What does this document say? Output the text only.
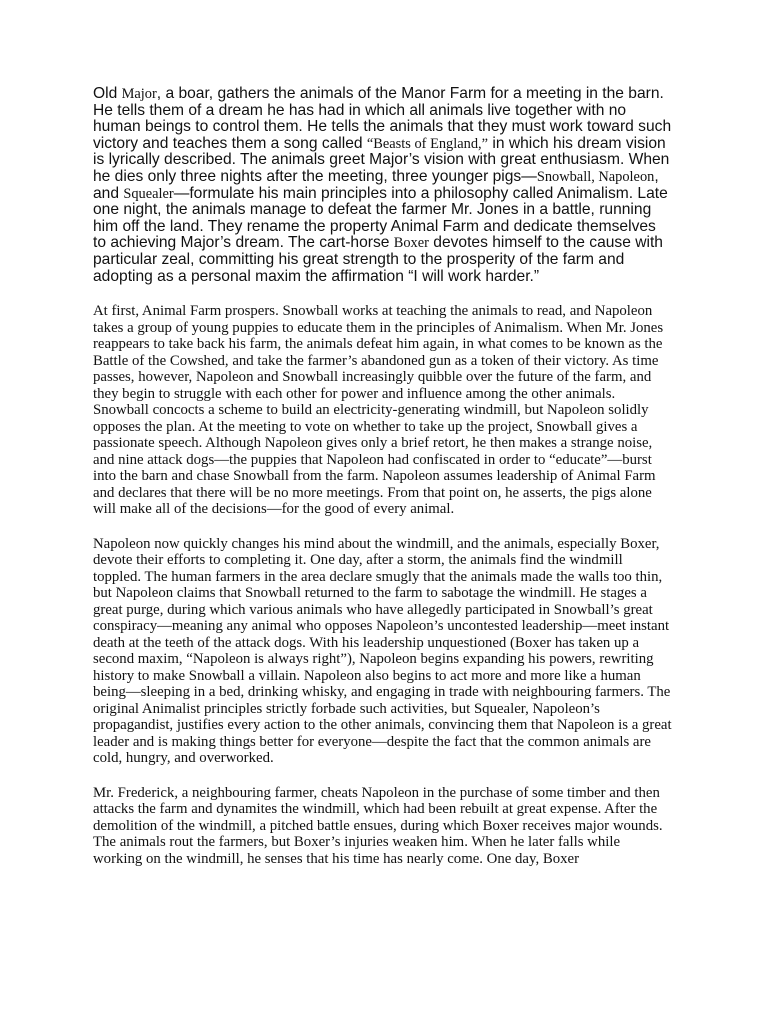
Old Major, a boar, gathers the animals of the Manor Farm for a meeting in the barn. He tells them of a dream he has had in which all animals live together with no human beings to control them. He tells the animals that they must work toward such victory and teaches them a song called “Beasts of England,” in which his dream vision is lyrically described. The animals greet Major’s vision with great enthusiasm. When he dies only three nights after the meeting, three younger pigs—Snowball, Napoleon, and Squealer—formulate his main principles into a philosophy called Animalism. Late one night, the animals manage to defeat the farmer Mr. Jones in a battle, running him off the land. They rename the property Animal Farm and dedicate themselves to achieving Major’s dream. The cart-horse Boxer devotes himself to the cause with particular zeal, committing his great strength to the prosperity of the farm and adopting as a personal maxim the affirmation “I will work harder.”

At first, Animal Farm prospers. Snowball works at teaching the animals to read, and Napoleon takes a group of young puppies to educate them in the principles of Animalism. When Mr. Jones reappears to take back his farm, the animals defeat him again, in what comes to be known as the Battle of the Cowshed, and take the farmer’s abandoned gun as a token of their victory. As time passes, however, Napoleon and Snowball increasingly quibble over the future of the farm, and they begin to struggle with each other for power and influence among the other animals. Snowball concocts a scheme to build an electricity-generating windmill, but Napoleon solidly opposes the plan. At the meeting to vote on whether to take up the project, Snowball gives a passionate speech. Although Napoleon gives only a brief retort, he then makes a strange noise, and nine attack dogs—the puppies that Napoleon had confiscated in order to “educate”—burst into the barn and chase Snowball from the farm. Napoleon assumes leadership of Animal Farm and declares that there will be no more meetings. From that point on, he asserts, the pigs alone will make all of the decisions—for the good of every animal.

Napoleon now quickly changes his mind about the windmill, and the animals, especially Boxer, devote their efforts to completing it. One day, after a storm, the animals find the windmill toppled. The human farmers in the area declare smugly that the animals made the walls too thin, but Napoleon claims that Snowball returned to the farm to sabotage the windmill. He stages a great purge, during which various animals who have allegedly participated in Snowball’s great conspiracy—meaning any animal who opposes Napoleon’s uncontested leadership—meet instant death at the teeth of the attack dogs. With his leadership unquestioned (Boxer has taken up a second maxim, “Napoleon is always right”), Napoleon begins expanding his powers, rewriting history to make Snowball a villain. Napoleon also begins to act more and more like a human being—sleeping in a bed, drinking whisky, and engaging in trade with neighbouring farmers. The original Animalist principles strictly forbade such activities, but Squealer, Napoleon’s propagandist, justifies every action to the other animals, convincing them that Napoleon is a great leader and is making things better for everyone—despite the fact that the common animals are cold, hungry, and overworked.

Mr. Frederick, a neighbouring farmer, cheats Napoleon in the purchase of some timber and then attacks the farm and dynamites the windmill, which had been rebuilt at great expense. After the demolition of the windmill, a pitched battle ensues, during which Boxer receives major wounds. The animals rout the farmers, but Boxer’s injuries weaken him. When he later falls while working on the windmill, he senses that his time has nearly come. One day, Boxer
